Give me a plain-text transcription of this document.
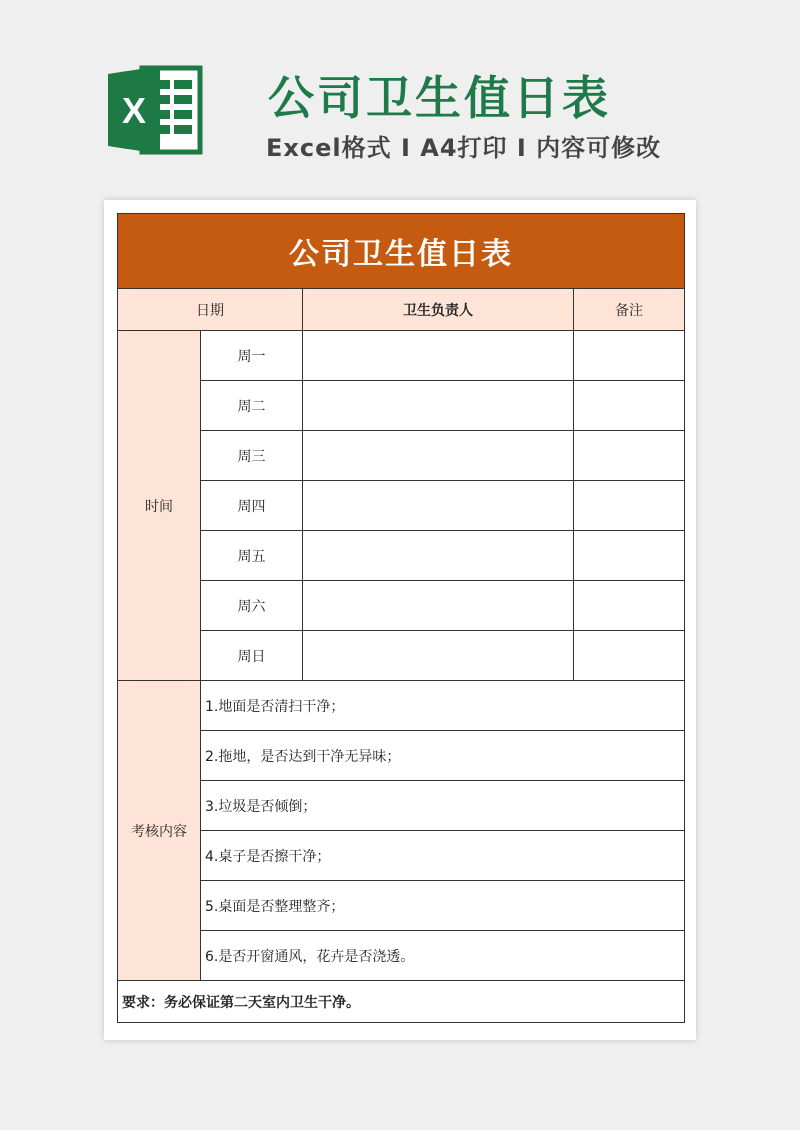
X	公司卫生值日表
Excel格式 I A4打印 I 内容可修改
公司卫生值日表			
日期		卫生负责人	备注
时间	周一		
	周二		
	周三		
	周四		
	周五		
	周六		
	周日		
考核内容	1.地面是否清扫干净；		
	2.拖地，是否达到干净无异味；		
	3.垃圾是否倾倒；		
	4.桌子是否擦干净；		
	5.桌面是否整理整齐；		
	6.是否开窗通风，花卉是否浇透。		
要求：务必保证第二天室内卫生干净。			
